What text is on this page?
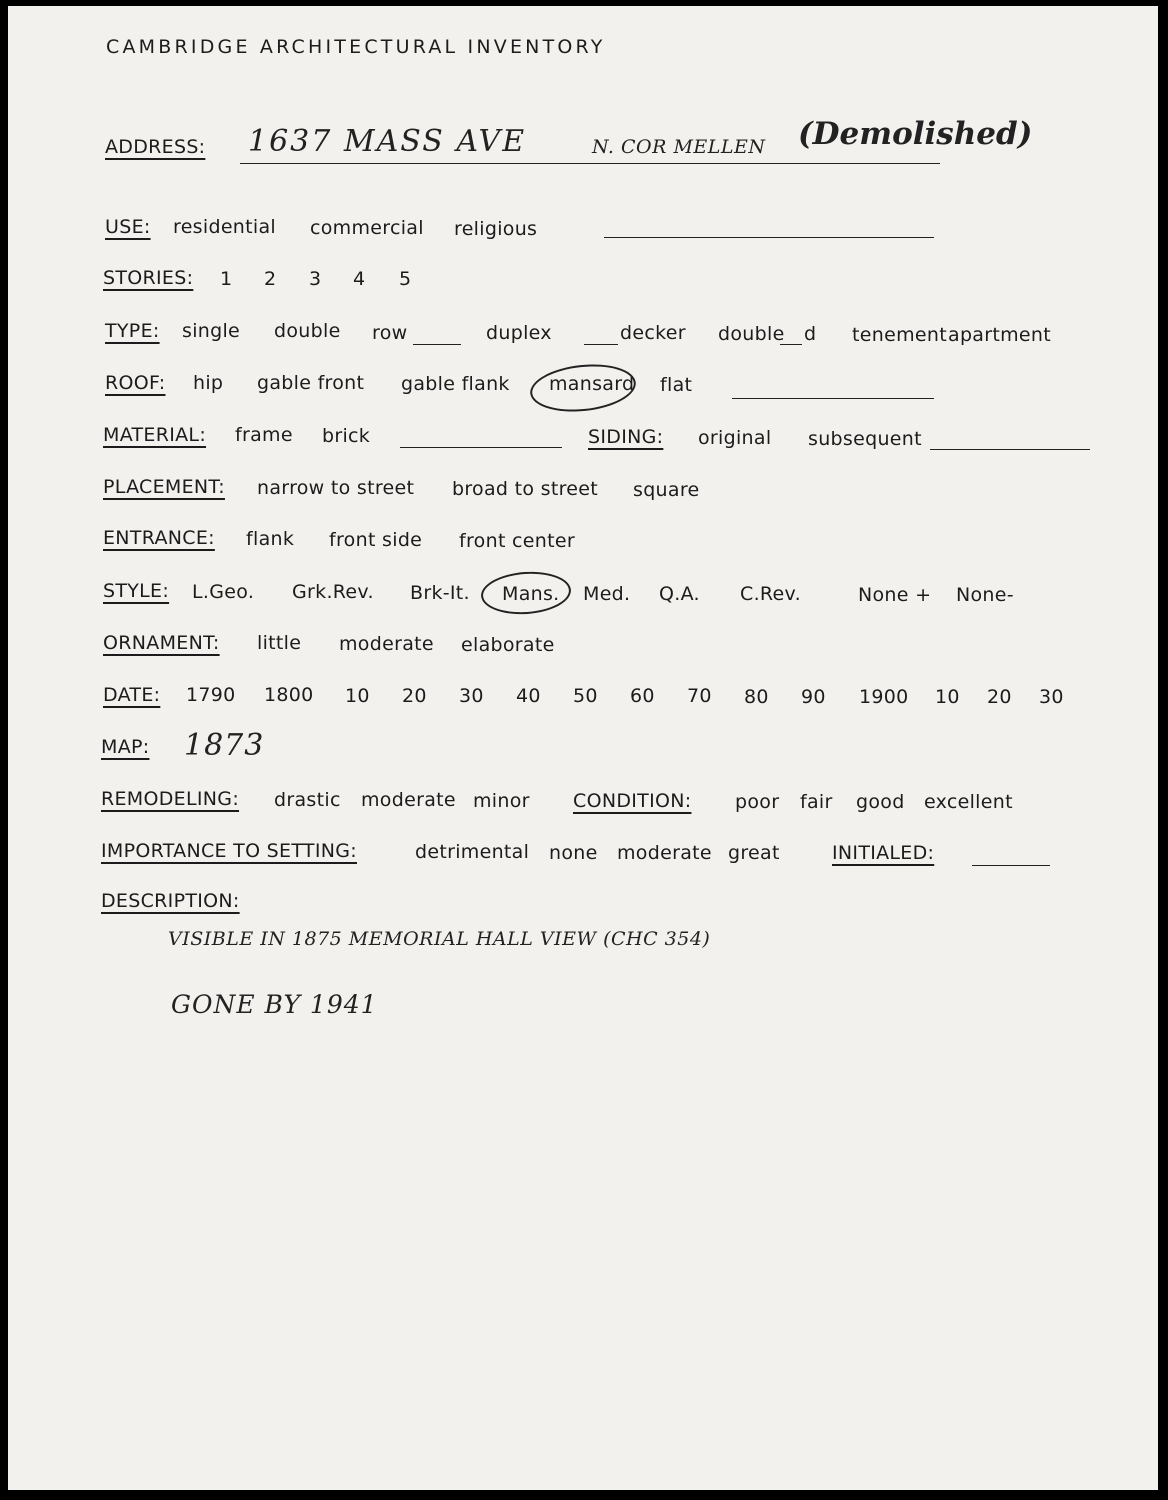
CAMBRIDGE ARCHITECTURAL INVENTORY
ADDRESS: 1637 MASS AVE	N. COR MELLEN (Demolished)
USE: residential commercial religious
STORIES: 1 2 3 4 5
TYPE: single double row	duplex	decker double d tenement apartment
ROOF: hip gable front gable flank mansard flat
MATERIAL: frame brick	SIDING: original subsequent
PLACEMENT: narrow to street broad to street square
ENTRANCE: flank front side front center
STYLE: L.Geo. Grk.Rev. Brk-It. Mans. Med. Q.A. C.Rev.	None + None-
ORNAMENT: little moderate elaborate
DATE: 1790 1800 10 20 30 40 50 60 70 80 90 1900 10 20 30
MAP: 1873
REMODELING: drastic moderate minor CONDITION: poor fair good excellent
IMPORTANCE TO SETTING:	detrimental none moderate great	INITIALED:
DESCRIPTION:
VISIBLE IN 1875 MEMORIAL HALL VIEW (CHC 354)
GONE BY 1941
